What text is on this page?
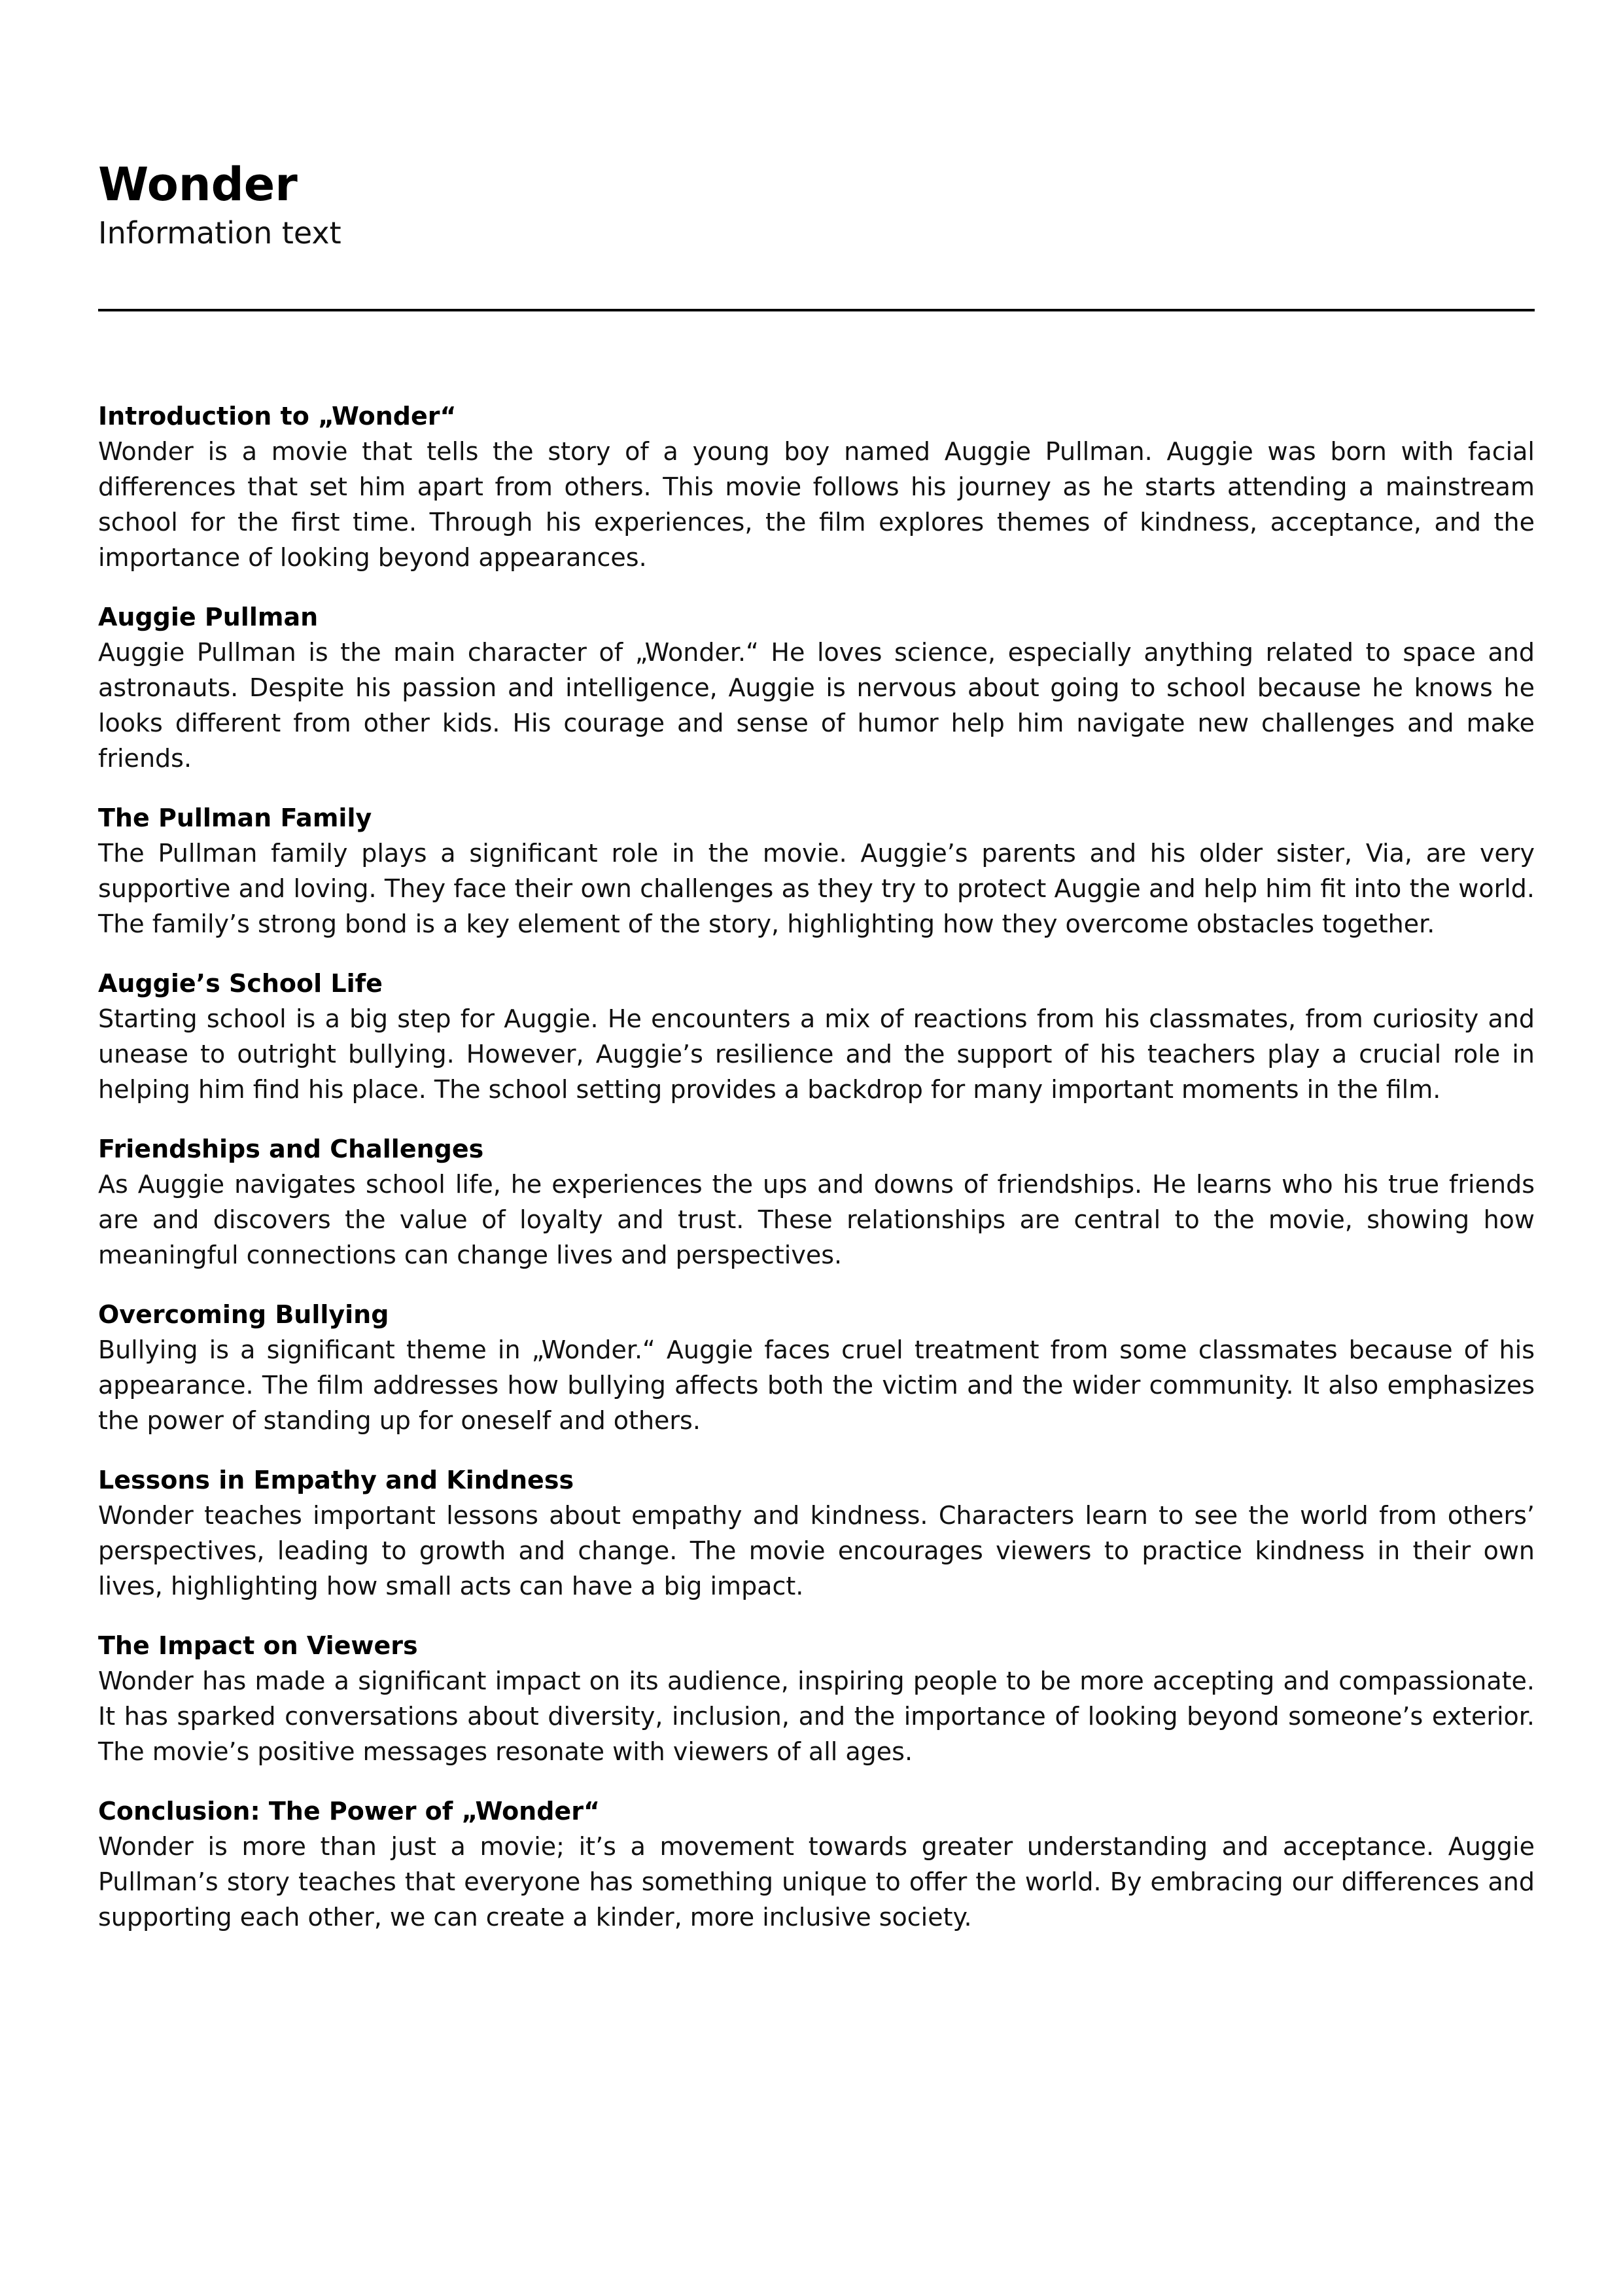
Wonder

Information text

Introduction to „Wonder“

Wonder is a movie that tells the story of a young boy named Auggie Pullman. Auggie was born with facial differences that set him apart from others. This movie follows his journey as he starts attending a mainstream school for the first time. Through his experiences, the film explores themes of kindness, acceptance, and the importance of looking beyond appearances.

Auggie Pullman

Auggie Pullman is the main character of „Wonder.“ He loves science, especially anything related to space and astronauts. Despite his passion and intelligence, Auggie is nervous about going to school because he knows he looks different from other kids. His courage and sense of humor help him navigate new challenges and make friends.

The Pullman Family

The Pullman family plays a significant role in the movie. Auggie’s parents and his older sister, Via, are very supportive and loving. They face their own challenges as they try to protect Auggie and help him fit into the world. The family’s strong bond is a key element of the story, highlighting how they overcome obstacles together.

Auggie’s School Life

Starting school is a big step for Auggie. He encounters a mix of reactions from his classmates, from curiosity and unease to outright bullying. However, Auggie’s resilience and the support of his teachers play a crucial role in helping him find his place. The school setting provides a backdrop for many important moments in the film.

Friendships and Challenges

As Auggie navigates school life, he experiences the ups and downs of friendships. He learns who his true friends are and discovers the value of loyalty and trust. These relationships are central to the movie, showing how meaningful connections can change lives and perspectives.

Overcoming Bullying

Bullying is a significant theme in „Wonder.“ Auggie faces cruel treatment from some classmates because of his appearance. The film addresses how bullying affects both the victim and the wider community. It also emphasizes the power of standing up for oneself and others.

Lessons in Empathy and Kindness

Wonder teaches important lessons about empathy and kindness. Characters learn to see the world from others’ perspectives, leading to growth and change. The movie encourages viewers to practice kindness in their own lives, highlighting how small acts can have a big impact.

The Impact on Viewers

Wonder has made a significant impact on its audience, inspiring people to be more accepting and compassionate. It has sparked conversations about diversity, inclusion, and the importance of looking beyond someone’s exterior. The movie’s positive messages resonate with viewers of all ages.

Conclusion: The Power of „Wonder“

Wonder is more than just a movie; it’s a movement towards greater understanding and acceptance. Auggie Pullman’s story teaches that everyone has something unique to offer the world. By embracing our differences and supporting each other, we can create a kinder, more inclusive society.
